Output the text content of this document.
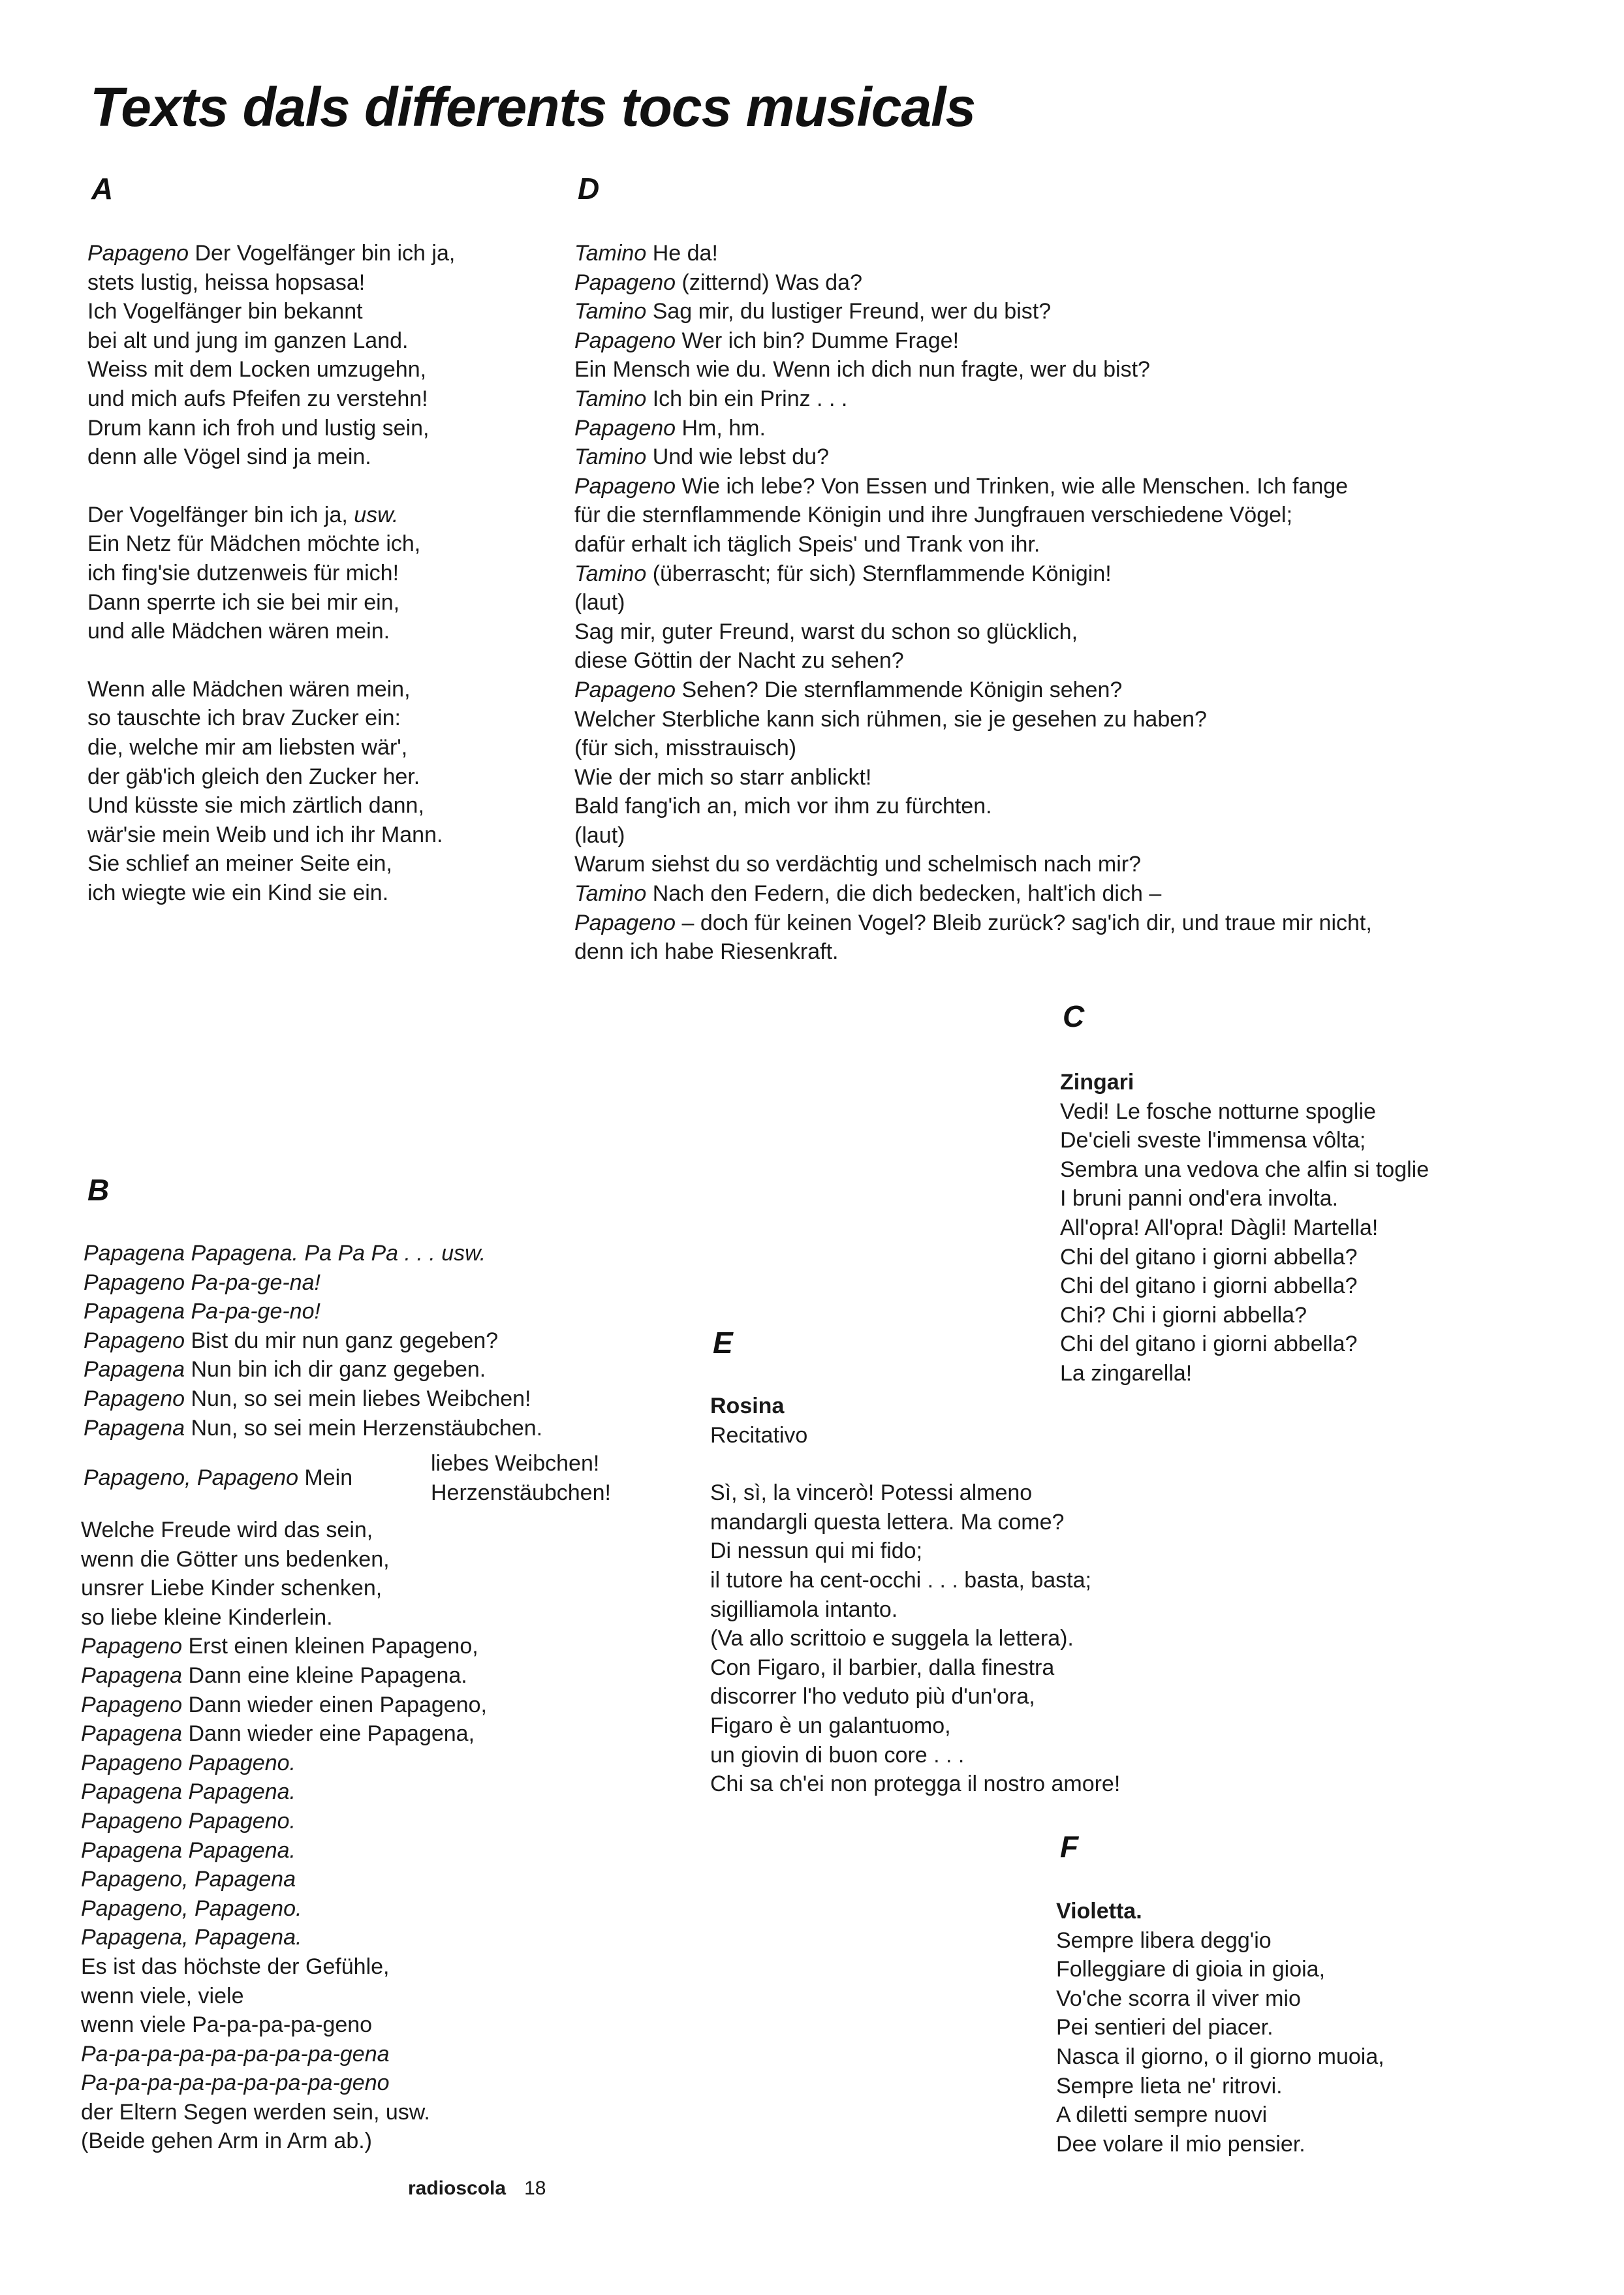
Texts dals differents tocs musicals
A
Papageno Der Vogelfänger bin ich ja,
stets lustig, heissa hopsasa!
Ich Vogelfänger bin bekannt
bei alt und jung im ganzen Land.
Weiss mit dem Locken umzugehn,
und mich aufs Pfeifen zu verstehn!
Drum kann ich froh und lustig sein,
denn alle Vögel sind ja mein.
Der Vogelfänger bin ich ja, usw.
Ein Netz für Mädchen möchte ich,
ich fing'sie dutzenweis für mich!
Dann sperrte ich sie bei mir ein,
und alle Mädchen wären mein.
Wenn alle Mädchen wären mein,
so tauschte ich brav Zucker ein:
die, welche mir am liebsten wär',
der gäb'ich gleich den Zucker her.
Und küsste sie mich zärtlich dann,
wär'sie mein Weib und ich ihr Mann.
Sie schlief an meiner Seite ein,
ich wiegte wie ein Kind sie ein.
D
Tamino He da!
Papageno (zitternd) Was da?
Tamino Sag mir, du lustiger Freund, wer du bist?
Papageno Wer ich bin? Dumme Frage!
Ein Mensch wie du. Wenn ich dich nun fragte, wer du bist?
Tamino Ich bin ein Prinz . . .
Papageno Hm, hm.
Tamino Und wie lebst du?
Papageno Wie ich lebe? Von Essen und Trinken, wie alle Menschen. Ich fange
für die sternflammende Königin und ihre Jungfrauen verschiedene Vögel;
dafür erhalt ich täglich Speis' und Trank von ihr.
Tamino (überrascht; für sich) Sternflammende Königin!
(laut)
Sag mir, guter Freund, warst du schon so glücklich,
diese Göttin der Nacht zu sehen?
Papageno Sehen? Die sternflammende Königin sehen?
Welcher Sterbliche kann sich rühmen, sie je gesehen zu haben?
(für sich, misstrauisch)
Wie der mich so starr anblickt!
Bald fang'ich an, mich vor ihm zu fürchten.
(laut)
Warum siehst du so verdächtig und schelmisch nach mir?
Tamino Nach den Federn, die dich bedecken, halt'ich dich –
Papageno – doch für keinen Vogel? Bleib zurück? sag'ich dir, und traue mir nicht,
denn ich habe Riesenkraft.
C
Zingari
Vedi! Le fosche notturne spoglie
De'cieli sveste l'immensa vôlta;
Sembra una vedova che alfin si toglie
I bruni panni ond'era involta.
All'opra! All'opra! Dàgli! Martella!
Chi del gitano i giorni abbella?
Chi del gitano i giorni abbella?
Chi? Chi i giorni abbella?
Chi del gitano i giorni abbella?
La zingarella!
B
Papagena Papagena. Pa Pa Pa . . . usw.
Papageno Pa-pa-ge-na!
Papagena Pa-pa-ge-no!
Papageno Bist du mir nun ganz gegeben?
Papagena Nun bin ich dir ganz gegeben.
Papageno Nun, so sei mein liebes Weibchen!
Papagena Nun, so sei mein Herzenstäubchen.
Papageno, Papageno Mein
liebes Weibchen!
Herzenstäubchen!
Welche Freude wird das sein,
wenn die Götter uns bedenken,
unsrer Liebe Kinder schenken,
so liebe kleine Kinderlein.
Papageno Erst einen kleinen Papageno,
Papagena Dann eine kleine Papagena.
Papageno Dann wieder einen Papageno,
Papagena Dann wieder eine Papagena,
Papageno Papageno.
Papagena Papagena.
Papageno Papageno.
Papagena Papagena.
Papageno, Papagena
Papageno, Papageno.
Papagena, Papagena.
Es ist das höchste der Gefühle,
wenn viele, viele
wenn viele Pa-pa-pa-pa-geno
Pa-pa-pa-pa-pa-pa-pa-pa-gena
Pa-pa-pa-pa-pa-pa-pa-pa-geno
der Eltern Segen werden sein, usw.
(Beide gehen Arm in Arm ab.)
E
Rosina
Recitativo
Sì, sì, la vincerò! Potessi almeno
mandargli questa lettera. Ma come?
Di nessun qui mi fido;
il tutore ha cent-occhi . . . basta, basta;
sigilliamola intanto.
(Va allo scrittoio e suggela la lettera).
Con Figaro, il barbier, dalla finestra
discorrer l'ho veduto più d'un'ora,
Figaro è un galantuomo,
un giovin di buon core . . .
Chi sa ch'ei non protegga il nostro amore!
F
Violetta.
Sempre libera degg'io
Folleggiare di gioia in gioia,
Vo'che scorra il viver mio
Pei sentieri del piacer.
Nasca il giorno, o il giorno muoia,
Sempre lieta ne' ritrovi.
A diletti sempre nuovi
Dee volare il mio pensier.
radioscola 18
